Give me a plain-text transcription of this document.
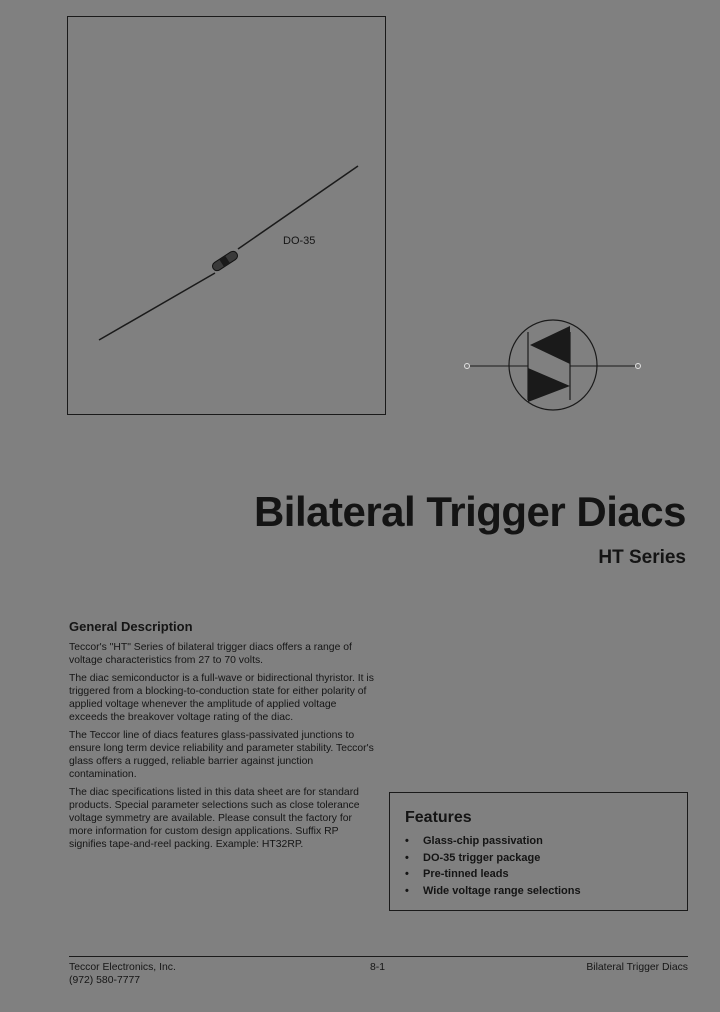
DO-35
Bilateral Trigger Diacs
HT Series
General Description

Teccor's "HT" Series of bilateral trigger diacs offers a range of voltage characteristics from 27 to 70 volts.

The diac semiconductor is a full-wave or bidirectional thyristor. It is triggered from a blocking-to-conduction state for either polarity of applied voltage whenever the amplitude of applied voltage exceeds the breakover voltage rating of the diac.

The Teccor line of diacs features glass-passivated junctions to ensure long term device reliability and parameter stability. Teccor's glass offers a rugged, reliable barrier against junction contamination.

The diac specifications listed in this data sheet are for standard products. Special parameter selections such as close tolerance voltage symmetry are available. Please consult the factory for more information for custom design applications. Suffix RP signifies tape-and-reel packing. Example: HT32RP.

Features
• Glass-chip passivation
• DO-35 trigger package
• Pre-tinned leads
• Wide voltage range selections
Teccor Electronics, Inc.
(972) 580-7777
8-1	Bilateral Trigger Diacs
